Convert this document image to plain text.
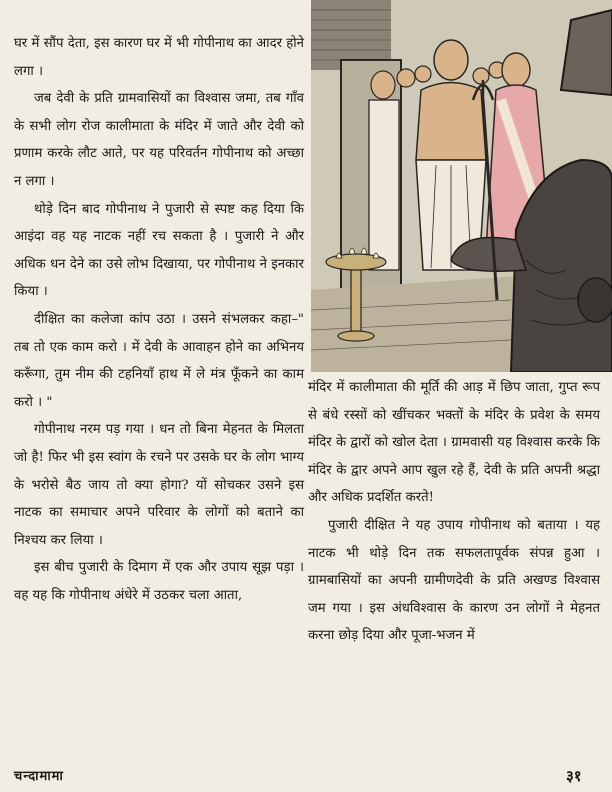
घर में सौंप देता, इस कारण घर में भी गोपीनाथ का आदर होने लगा ।

जब देवी के प्रति ग्रामवासियों का विश्वास जमा, तब गाँव के सभी लोग रोज कालीमाता के मंदिर में जाते और देवी को प्रणाम करके लौट आते, पर यह परिवर्तन गोपीनाथ को अच्छा न लगा ।

थोड़े दिन बाद गोपीनाथ ने पुजारी से स्पष्ट कह दिया कि आइंदा वह यह नाटक नहीं रच सकता है । पुजारी ने और अधिक धन देने का उसे लोभ दिखाया, पर गोपीनाथ ने इनकार किया ।

दीक्षित का कलेजा कांप उठा । उसने संभलकर कहा–" तब तो एक काम करो । में देवी के आवाहन होने का अभिनय करूँगा, तुम नीम की टहनियाँ हाथ में ले मंत्र फूँकने का काम करो । "

गोपीनाथ नरम पड़ गया । धन तो बिना मेहनत के मिलता जो है! फिर भी इस स्वांग के रचने पर उसके घर के लोग भाग्य के भरोसे बैठ जाय तो क्या होगा? यों सोचकर उसने इस नाटक का समाचार अपने परिवार के लोगों को बताने का निश्चय कर लिया ।

इस बीच पुजारी के दिमाग में एक और उपाय सूझ पड़ा । वह यह कि गोपीनाथ अंधेरे में उठकर चला आता,

मंदिर में कालीमाता की मूर्ति की आड़ में छिप जाता, गुप्त रूप से बंधे रस्सों को खींचकर भक्तों के मंदिर के प्रवेश के समय मंदिर के द्वारों को खोल देता । ग्रामवासी यह विश्वास करके कि मंदिर के द्वार अपने आप खुल रहे हैं, देवी के प्रति अपनी श्रद्धा और अधिक प्रदर्शित करते!

पुजारी दीक्षित ने यह उपाय गोपीनाथ को बताया । यह नाटक भी थोड़े दिन तक सफलतापूर्वक संपन्न हुआ । ग्रामबासियों का अपनी ग्रामीणदेवी के प्रति अखण्ड विश्वास जम गया । इस अंधविश्वास के कारण उन लोगों ने मेहनत करना छोड़ दिया और पूजा-भजन में

चन्दामामा	३१
